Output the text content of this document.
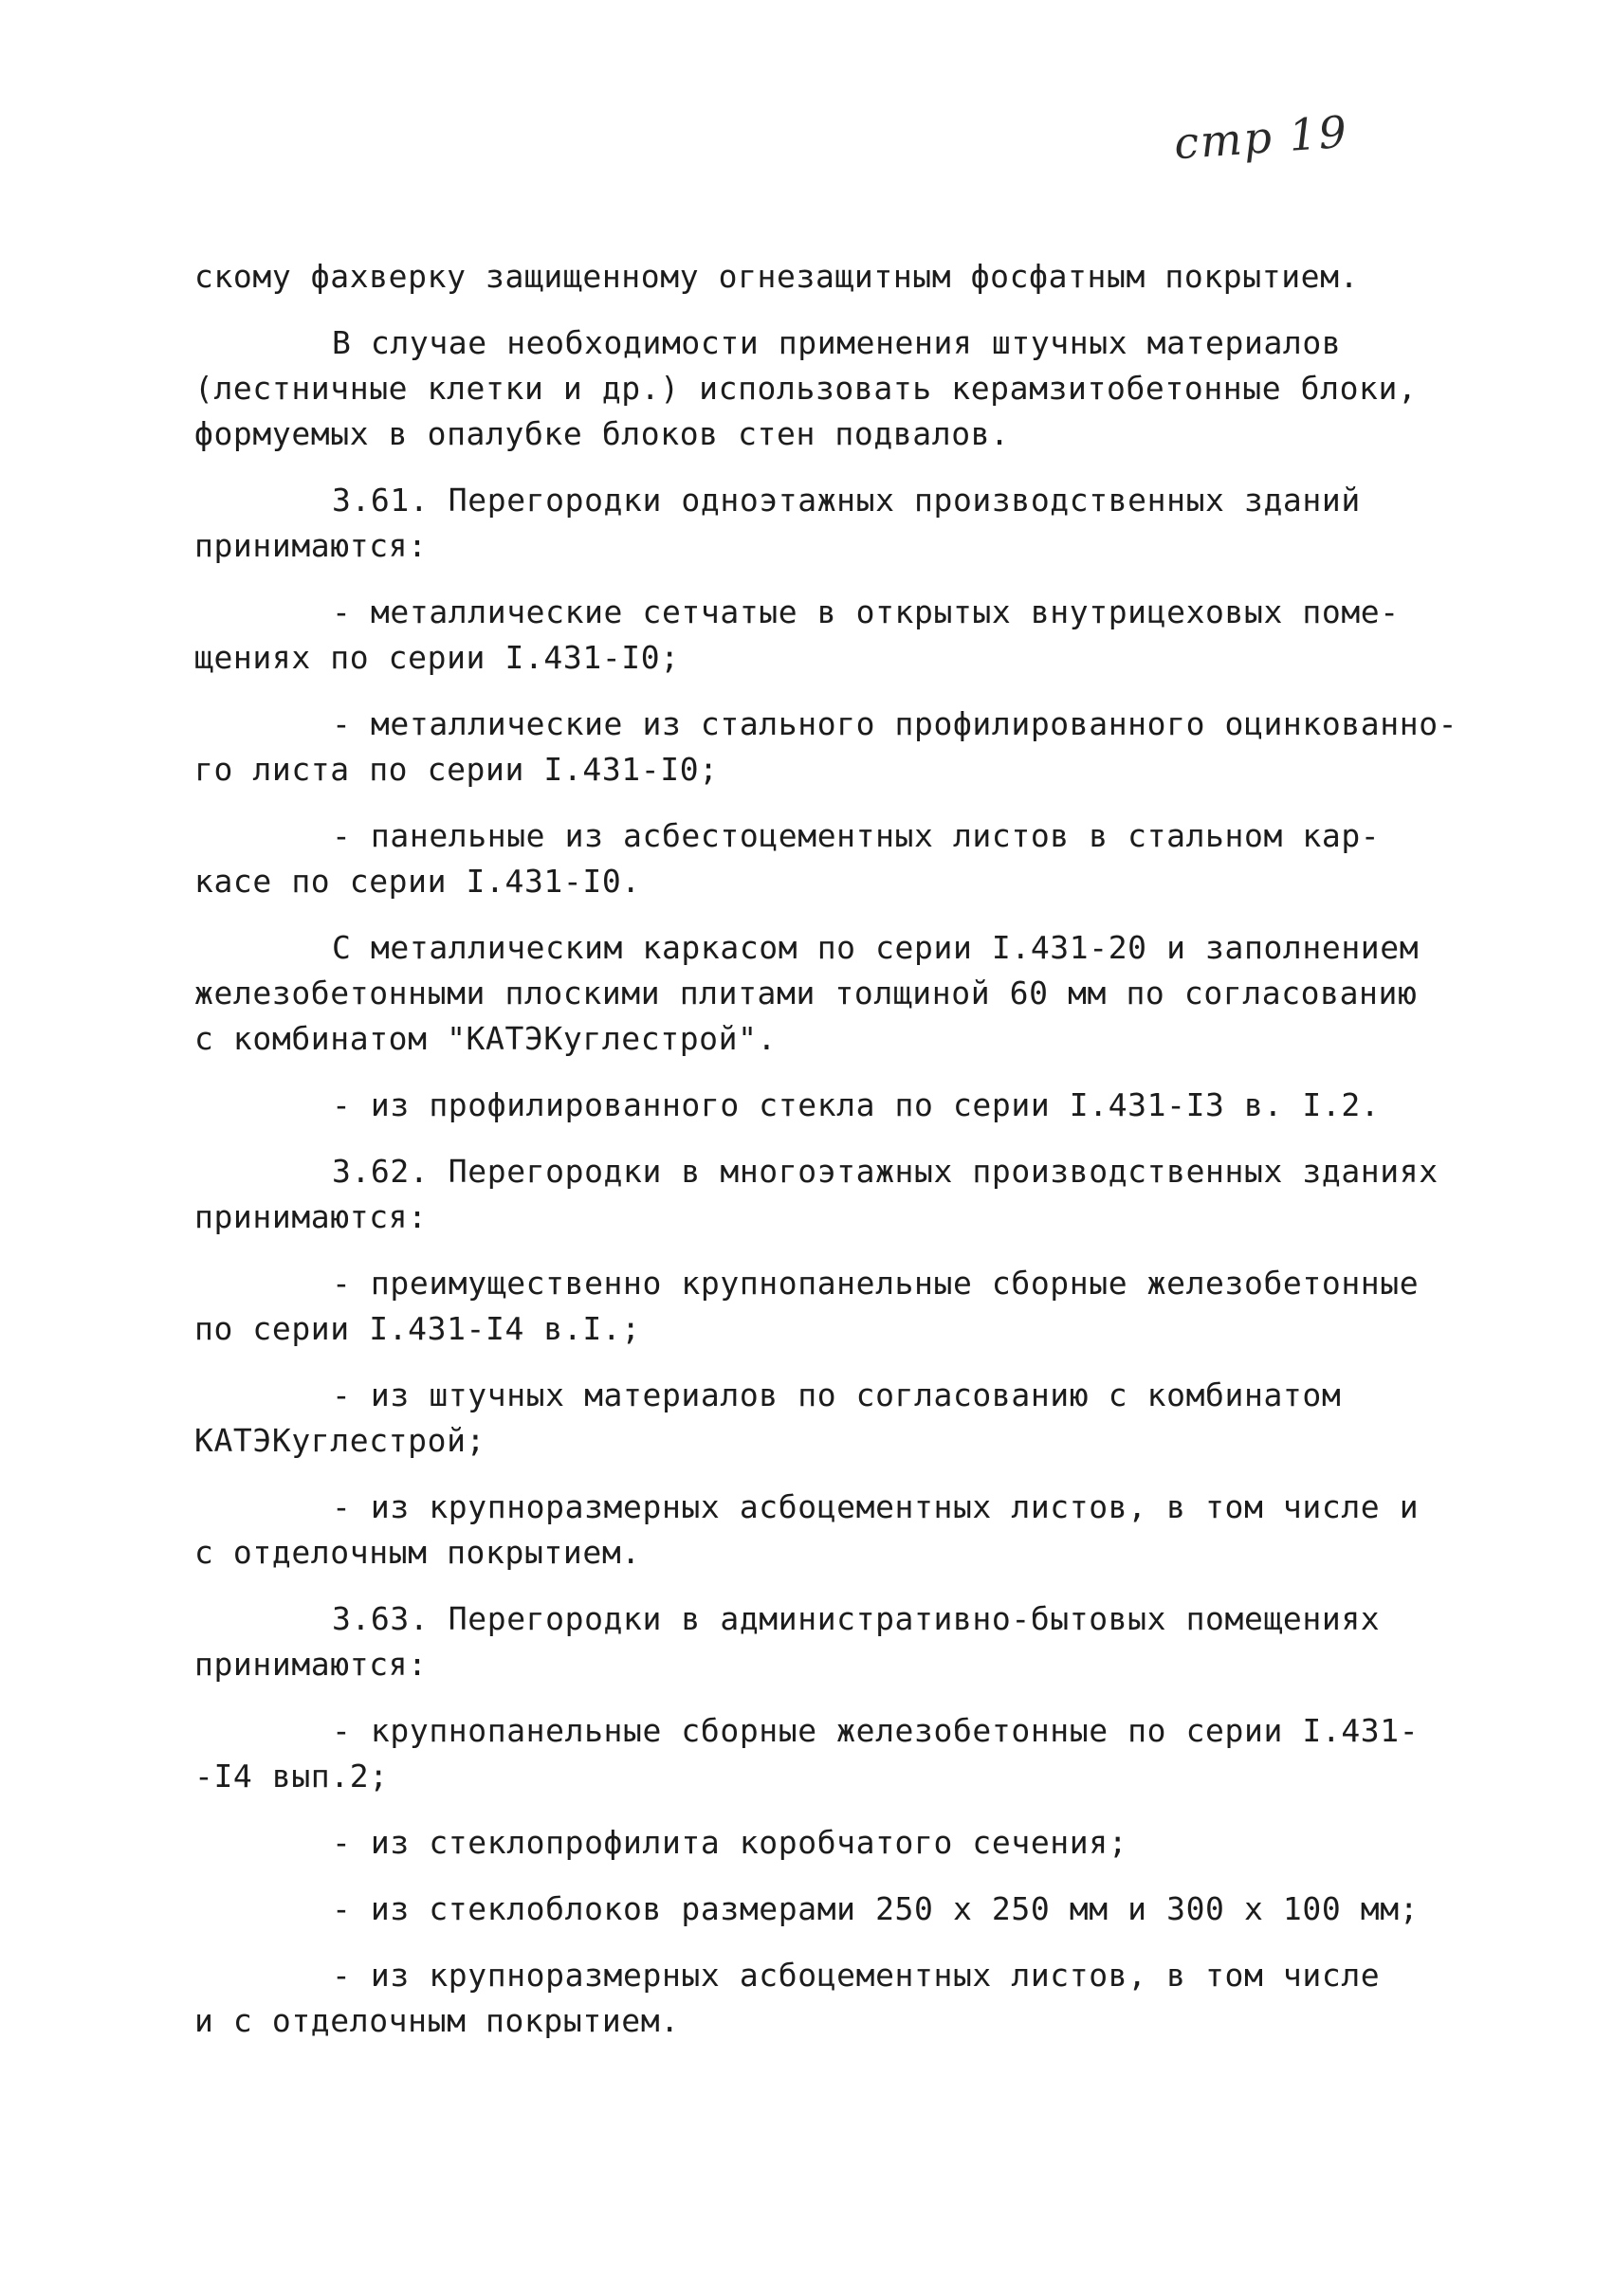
стр 19
скому фахверку защищенному огнезащитным фосфатным покрытием.
В случае необходимости применения штучных материалов
(лестничные клетки и др.) использовать керамзитобетонные блоки,
формуемых в опалубке блоков стен подвалов.
3.61. Перегородки одноэтажных производственных зданий
принимаются:
- металлические сетчатые в открытых внутрицеховых поме-
щениях по серии I.431-I0;
- металлические из стального профилированного оцинкованно-
го листа по серии I.431-I0;
- панельные из асбестоцементных листов в стальном кар-
касе по серии I.431-I0.
С металлическим каркасом по серии I.431-20 и заполнением
железобетонными плоскими плитами толщиной 60 мм по согласованию
с комбинатом "КАТЭКуглестрой".
- из профилированного стекла по серии I.431-I3 в. I.2.
3.62. Перегородки в многоэтажных производственных зданиях
принимаются:
- преимущественно крупнопанельные сборные железобетонные
по серии I.431-I4 в.I.;
- из штучных материалов по согласованию с комбинатом
КАТЭКуглестрой;
- из крупноразмерных асбоцементных листов, в том числе и
с отделочным покрытием.
3.63. Перегородки в административно-бытовых помещениях
принимаются:
- крупнопанельные сборные железобетонные по серии I.431-
-I4 вып.2;
- из стеклопрофилита коробчатого сечения;
- из стеклоблоков размерами 250 х 250 мм и 300 х 100 мм;
- из крупноразмерных асбоцементных листов, в том числе
и с отделочным покрытием.
